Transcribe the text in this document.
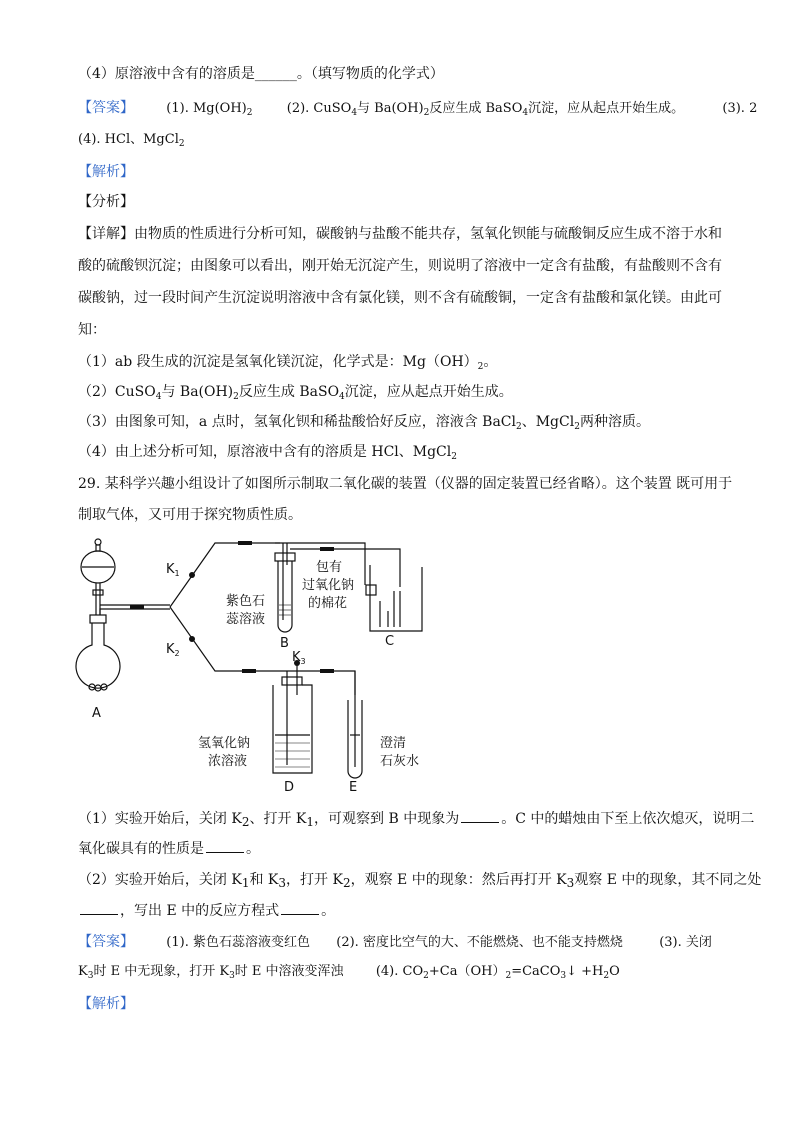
（4）原溶液中含有的溶质是______。（填写物质的化学式）
【答案】 (1). $Mg(OH)_2$	(2). CuSO$_4$与 $Ba(OH)_2$反应生成 BaSO$_4$沉淀，应从起点开始生成。	(3). 2
(4). HCl、MgCl$_2$
【解析】
【分析】
【详解】由物质的性质进行分析可知，碳酸钠与盐酸不能共存，氢氧化钡能与硫酸铜反应生成不溶于水和
酸的硫酸钡沉淀；由图象可以看出，刚开始无沉淀产生，则说明了溶液中一定含有盐酸，有盐酸则不含有
碳酸钠，过一段时间产生沉淀说明溶液中含有氯化镁，则不含有硫酸铜，一定含有盐酸和氯化镁。由此可
知：
（1）ab 段生成的沉淀是氢氧化镁沉淀，化学式是：$Mg(OH)_2$。
（2）CuSO$_4$与 $Ba(OH)_2$反应生成 BaSO$_4$沉淀，应从起点开始生成。
（3）由图象可知，a 点时，氢氧化钡和稀盐酸恰好反应，溶液含 BaCl$_2$、MgCl$_2$两种溶质。
（4）由上述分析可知，原溶液中含有的溶质是 HCl、MgCl$_2$
29. 某科学兴趣小组设计了如图所示制取二氧化碳的装置（仪器的固定装置已经省略）。这个装置 既可用于
制取气体，又可用于探究物质性质。
A
B	C
D	E
$K_1$
$K_2$	$K_3$
紫色石
蕊溶液
包有
过氧化钠
的棉花
氢氧化钠
浓溶液
澄清
石灰水
（1）实验开始后，关闭 $K_2$、打开 $K_1$，可观察到 B 中现象为	。C 中的蜡烛由下至上依次熄灭，说明二
氧化碳具有的性质是	。
（2）实验开始后，关闭 $K_1$和 $K_3$，打开 $K_2$，观察 E 中的现象：然后再打开 $K_3$观察 E 中的现象，其不同之处
，写出 E 中的反应方程式	。
【答案】 (1). 紫色石蕊溶液变红色 (2). 密度比空气的大、不能燃烧、也不能支持燃烧	(3). 关闭
$K_3$时 E 中无现象，打开 $K_3$时 E 中溶液变浑浊 (4). $CO_2+Ca(OH)_2=CaCO_3↓ +H_2O$
【解析】
